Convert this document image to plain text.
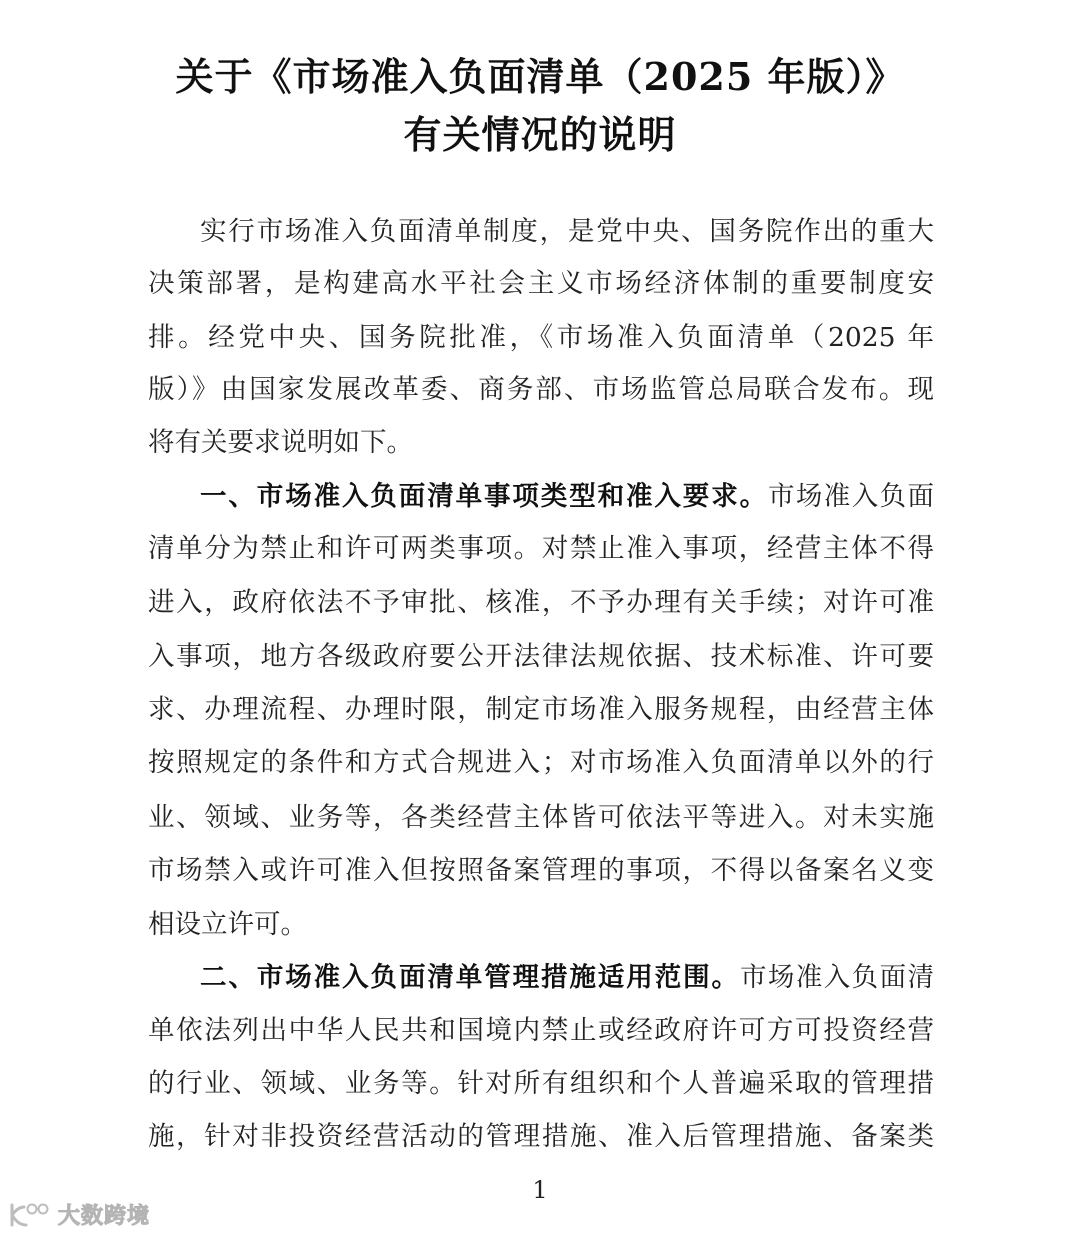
关于《市场准入负面清单（2025 年版）》
有关情况的说明
实行市场准入负面清单制度，是党中央、国务院作出的重大
决策部署，是构建高水平社会主义市场经济体制的重要制度安
排。经党中央、国务院批准，《市场准入负面清单（2025 年
版）》由国家发展改革委、商务部、市场监管总局联合发布。现
将有关要求说明如下。
一、市场准入负面清单事项类型和准入要求。市场准入负面
清单分为禁止和许可两类事项。对禁止准入事项，经营主体不得
进入，政府依法不予审批、核准，不予办理有关手续；对许可准
入事项，地方各级政府要公开法律法规依据、技术标准、许可要
求、办理流程、办理时限，制定市场准入服务规程，由经营主体
按照规定的条件和方式合规进入；对市场准入负面清单以外的行
业、领域、业务等，各类经营主体皆可依法平等进入。对未实施
市场禁入或许可准入但按照备案管理的事项，不得以备案名义变
相设立许可。
二、市场准入负面清单管理措施适用范围。市场准入负面清
单依法列出中华人民共和国境内禁止或经政府许可方可投资经营
的行业、领域、业务等。针对所有组织和个人普遍采取的管理措
施，针对非投资经营活动的管理措施、准入后管理措施、备案类
1
大数跨境
